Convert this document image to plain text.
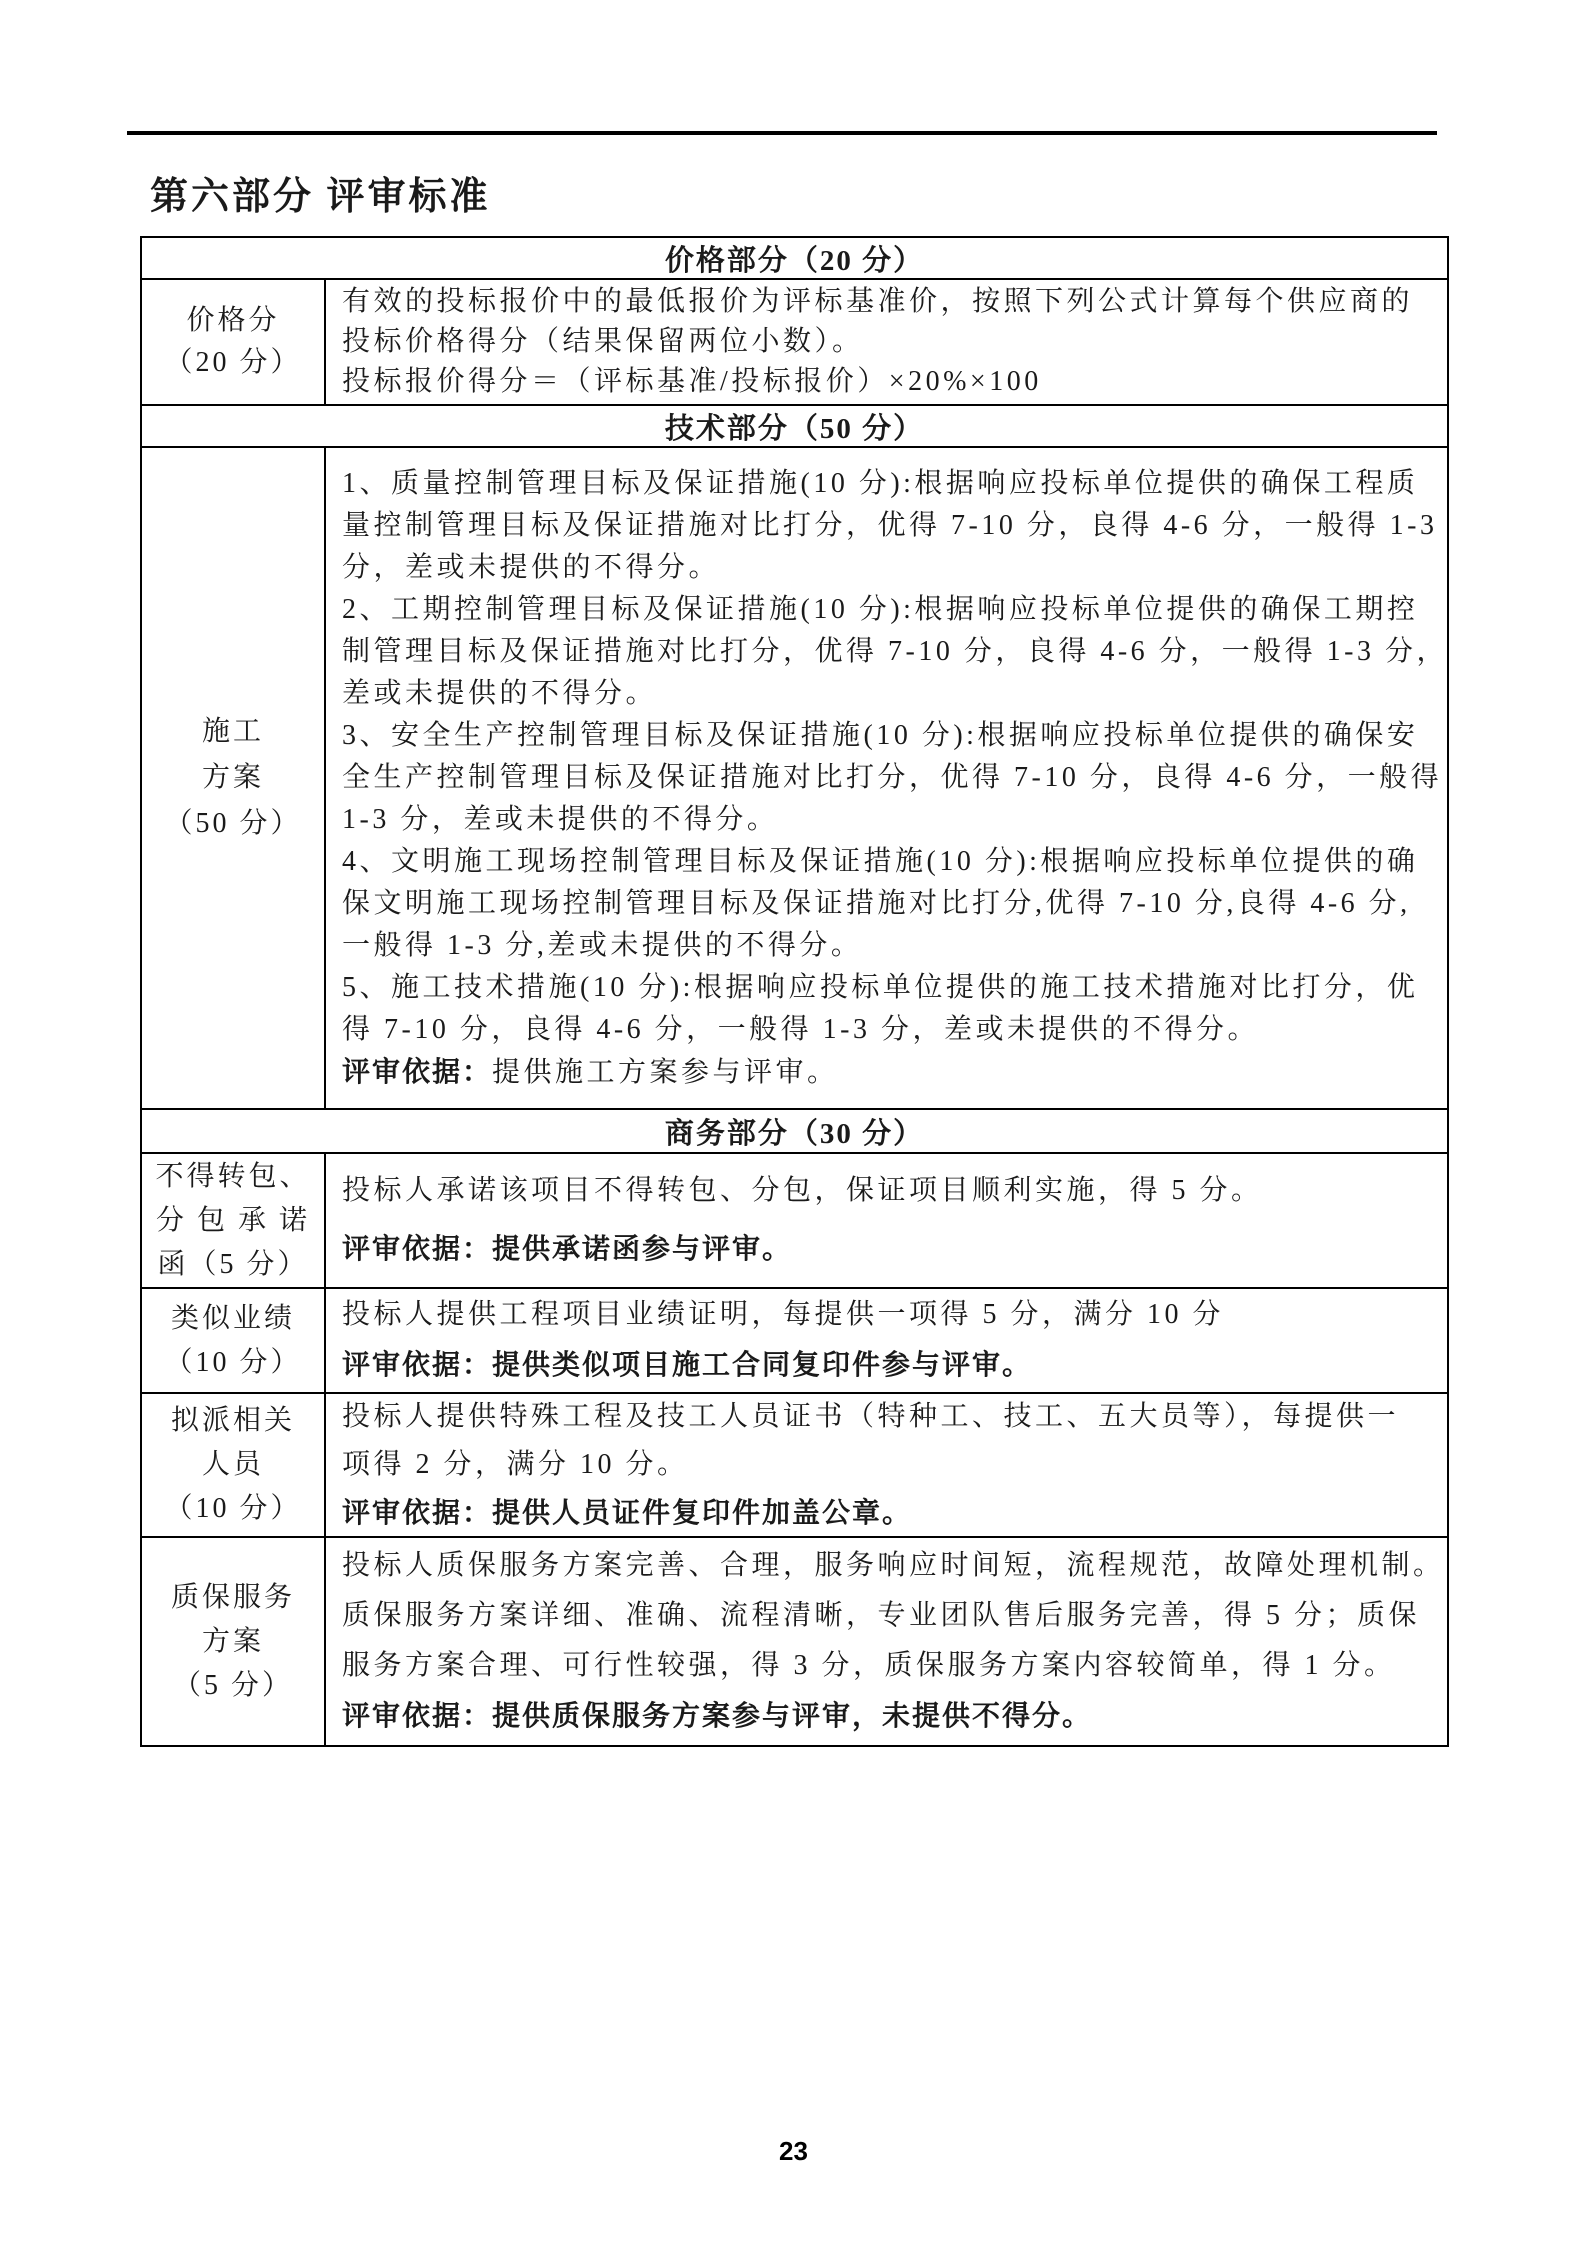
第六部分 评审标准
价格部分（20 分）
价格分
（20 分）
有效的投标报价中的最低报价为评标基准价，按照下列公式计算每个供应商的
投标价格得分（结果保留两位小数）。
投标报价得分＝（评标基准/投标报价）×20%×100
技术部分（50 分）
施工
方案
（50 分）
1、质量控制管理目标及保证措施(10 分):根据响应投标单位提供的确保工程质
量控制管理目标及保证措施对比打分，优得 7-10 分，良得 4-6 分，一般得 1-3
分，差或未提供的不得分。
2、工期控制管理目标及保证措施(10 分):根据响应投标单位提供的确保工期控
制管理目标及保证措施对比打分，优得 7-10 分，良得 4-6 分，一般得 1-3 分，
差或未提供的不得分。
3、安全生产控制管理目标及保证措施(10 分):根据响应投标单位提供的确保安
全生产控制管理目标及保证措施对比打分，优得 7-10 分，良得 4-6 分，一般得
1-3 分，差或未提供的不得分。
4、文明施工现场控制管理目标及保证措施(10 分):根据响应投标单位提供的确
保文明施工现场控制管理目标及保证措施对比打分,优得 7-10 分,良得 4-6 分,
一般得 1-3 分,差或未提供的不得分。
5、施工技术措施(10 分):根据响应投标单位提供的施工技术措施对比打分，优
得 7-10 分，良得 4-6 分，一般得 1-3 分，差或未提供的不得分。
评审依据：提供施工方案参与评审。
商务部分（30 分）
不得转包、
分 包 承 诺
函（5 分）
投标人承诺该项目不得转包、分包，保证项目顺利实施，得 5 分。
评审依据：提供承诺函参与评审。
类似业绩
（10 分）
投标人提供工程项目业绩证明，每提供一项得 5 分，满分 10 分
评审依据：提供类似项目施工合同复印件参与评审。
拟派相关
人员
（10 分）
投标人提供特殊工程及技工人员证书（特种工、技工、五大员等），每提供一
项得 2 分，满分 10 分。
评审依据：提供人员证件复印件加盖公章。
质保服务
方案
（5 分）
投标人质保服务方案完善、合理，服务响应时间短，流程规范，故障处理机制。
质保服务方案详细、准确、流程清晰，专业团队售后服务完善，得 5 分；质保
服务方案合理、可行性较强，得 3 分，质保服务方案内容较简单，得 1 分。
评审依据：提供质保服务方案参与评审，未提供不得分。
23
